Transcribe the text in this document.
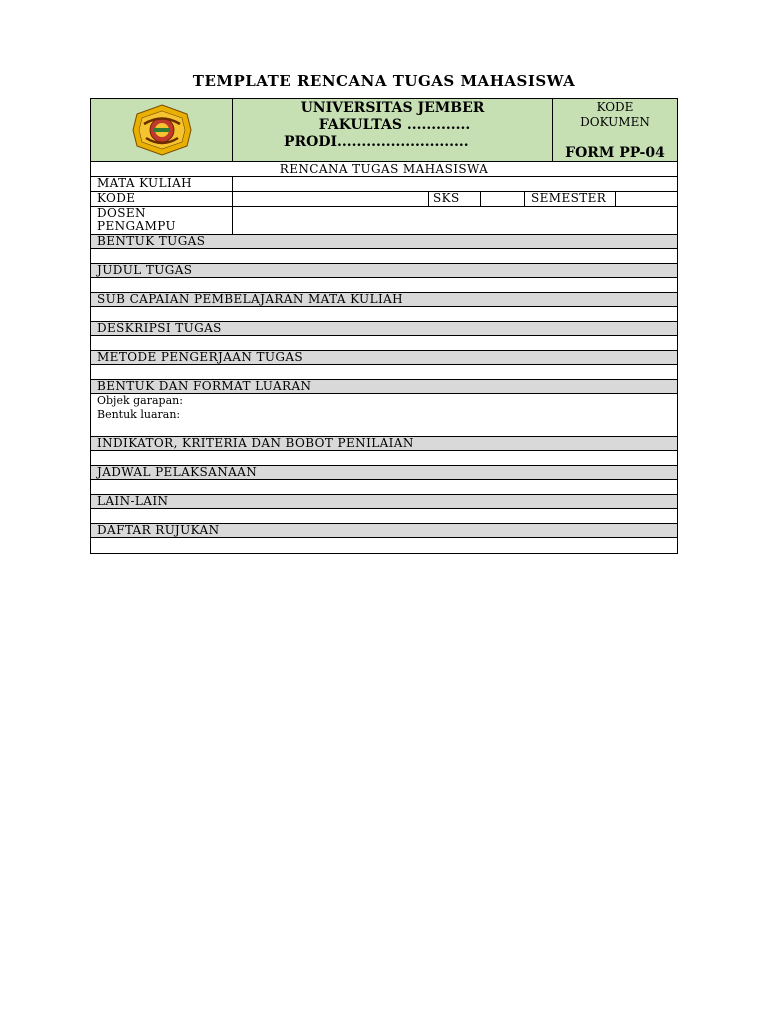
TEMPLATE RENCANA TUGAS MAHASISWA
UNIVERSITAS JEMBER
FAKULTAS .............
PRODI...........................
KODE
DOKUMEN
FORM PP-04
RENCANA TUGAS MAHASISWA
MATA KULIAH
KODE	SKS	SEMESTER
DOSEN
PENGAMPU
BENTUK TUGAS
JUDUL TUGAS
SUB CAPAIAN PEMBELAJARAN MATA KULIAH
DESKRIPSI TUGAS
METODE PENGERJAAN TUGAS
BENTUK DAN FORMAT LUARAN
Objek garapan:
Bentuk luaran:
INDIKATOR, KRITERIA DAN BOBOT PENILAIAN
JADWAL PELAKSANAAN
LAIN-LAIN
DAFTAR RUJUKAN
